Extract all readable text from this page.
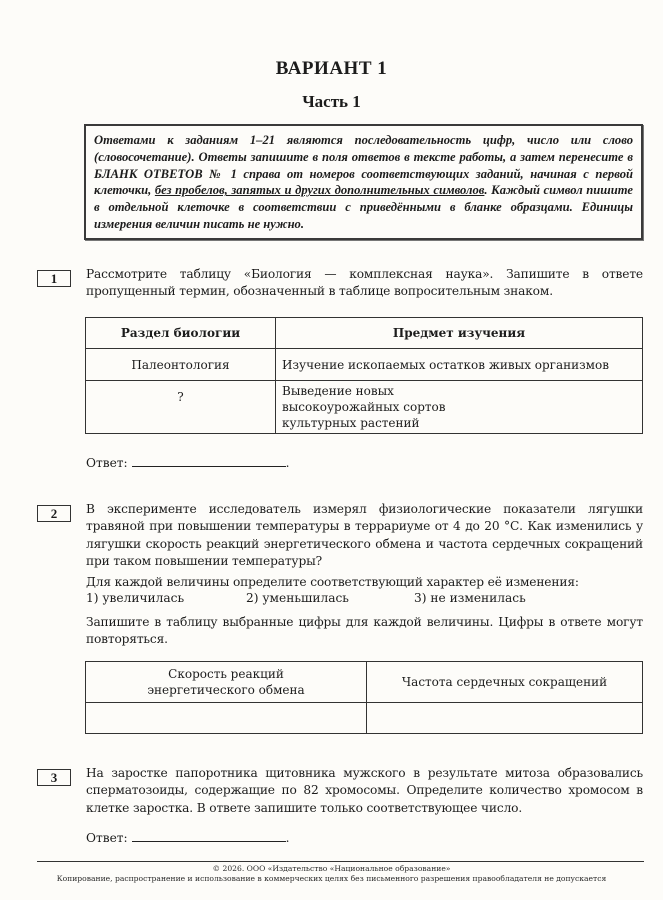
ВАРИАНТ 1
Часть 1
Ответами к заданиям 1–21 являются последовательность цифр, число или слово (словосочетание). Ответы запишите в поля ответов в тексте работы, а затем перенесите в БЛАНК ОТВЕТОВ № 1 справа от номеров соответствующих заданий, начиная с первой клеточки, без пробелов, запятых и других дополнительных символов. Каждый символ пишите в отдельной клеточке в соответствии с приведёнными в бланке образцами. Единицы измерения величин писать не нужно.
1	Рассмотрите таблицу «Биология — комплексная наука». Запишите в ответе пропущенный термин, обозначенный в таблице вопросительным знаком.
Раздел биологии	Предмет изучения
Палеонтология	Изучение ископаемых остатков живых организмов
?	Выведение новых высокоурожайных сортов культурных растений
Ответ:	.
2	В эксперименте исследователь измерял физиологические показатели лягушки травяной при повышении температуры в террариуме от 4 до 20 °С. Как изменились у лягушки скорость реакций энергетического обмена и частота сердечных сокращений при таком повышении температуры?
Для каждой величины определите соответствующий характер её изменения:
1) увеличилась	2) уменьшилась	3) не изменилась
Запишите в таблицу выбранные цифры для каждой величины. Цифры в ответе могут повторяться.
Скорость реакций энергетического обмена	Частота сердечных сокращений

3	На заростке папоротника щитовника мужского в результате митоза образовались сперматозоиды, содержащие по 82 хромосомы. Определите количество хромосом в клетке заростка. В ответе запишите только соответствующее число.
Ответ:	.
© 2026. ООО «Издательство «Национальное образование»
Копирование, распространение и использование в коммерческих целях без письменного разрешения правообладателя не допускается
